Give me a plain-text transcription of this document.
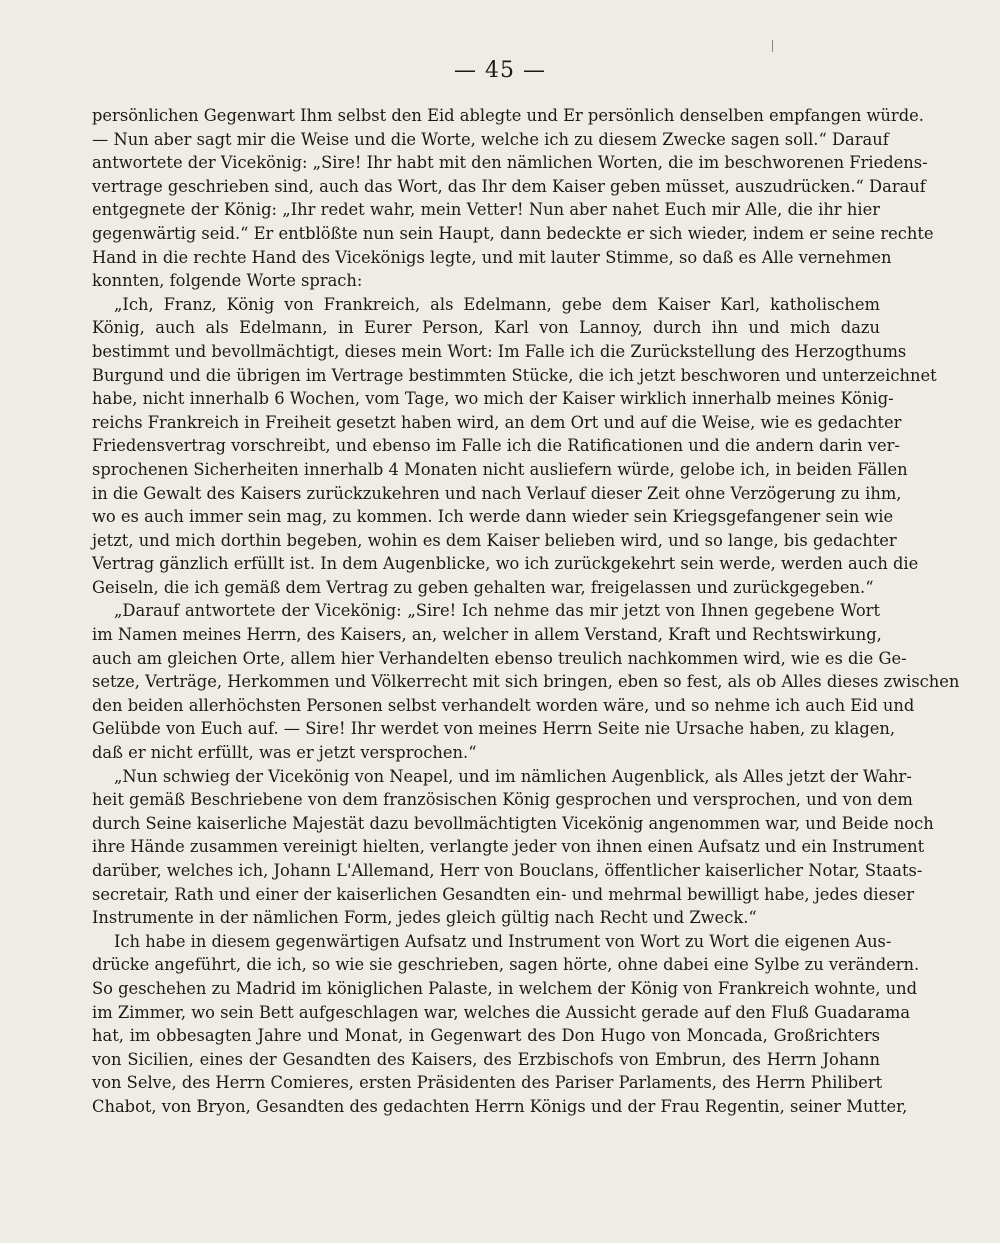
— 45 —
persönlichen Gegenwart Ihm selbst den Eid ablegte und Er persönlich denselben empfangen würde.
— Nun aber sagt mir die Weise und die Worte, welche ich zu diesem Zwecke sagen soll.“ Darauf
antwortete der Vicekönig: „Sire! Ihr habt mit den nämlichen Worten, die im beschworenen Friedens-
vertrage geschrieben sind, auch das Wort, das Ihr dem Kaiser geben müsset, auszudrücken.“ Darauf
entgegnete der König: „Ihr redet wahr, mein Vetter! Nun aber nahet Euch mir Alle, die ihr hier
gegenwärtig seid.“ Er entblößte nun sein Haupt, dann bedeckte er sich wieder, indem er seine rechte
Hand in die rechte Hand des Vicekönigs legte, und mit lauter Stimme, so daß es Alle vernehmen
konnten, folgende Worte sprach:
„Ich, Franz, König von Frankreich, als Edelmann, gebe dem Kaiser Karl, katholischem
König, auch als Edelmann, in Eurer Person, Karl von Lannoy, durch ihn und mich dazu
bestimmt und bevollmächtigt, dieses mein Wort: Im Falle ich die Zurückstellung des Herzogthums
Burgund und die übrigen im Vertrage bestimmten Stücke, die ich jetzt beschworen und unterzeichnet
habe, nicht innerhalb 6 Wochen, vom Tage, wo mich der Kaiser wirklich innerhalb meines König-
reichs Frankreich in Freiheit gesetzt haben wird, an dem Ort und auf die Weise, wie es gedachter
Friedensvertrag vorschreibt, und ebenso im Falle ich die Ratificationen und die andern darin ver-
sprochenen Sicherheiten innerhalb 4 Monaten nicht ausliefern würde, gelobe ich, in beiden Fällen
in die Gewalt des Kaisers zurückzukehren und nach Verlauf dieser Zeit ohne Verzögerung zu ihm,
wo es auch immer sein mag, zu kommen. Ich werde dann wieder sein Kriegsgefangener sein wie
jetzt, und mich dorthin begeben, wohin es dem Kaiser belieben wird, und so lange, bis gedachter
Vertrag gänzlich erfüllt ist. In dem Augenblicke, wo ich zurückgekehrt sein werde, werden auch die
Geiseln, die ich gemäß dem Vertrag zu geben gehalten war, freigelassen und zurückgegeben.“
„Darauf antwortete der Vicekönig: „Sire! Ich nehme das mir jetzt von Ihnen gegebene Wort
im Namen meines Herrn, des Kaisers, an, welcher in allem Verstand, Kraft und Rechtswirkung,
auch am gleichen Orte, allem hier Verhandelten ebenso treulich nachkommen wird, wie es die Ge-
setze, Verträge, Herkommen und Völkerrecht mit sich bringen, eben so fest, als ob Alles dieses zwischen
den beiden allerhöchsten Personen selbst verhandelt worden wäre, und so nehme ich auch Eid und
Gelübde von Euch auf. — Sire! Ihr werdet von meines Herrn Seite nie Ursache haben, zu klagen,
daß er nicht erfüllt, was er jetzt versprochen.“
„Nun schwieg der Vicekönig von Neapel, und im nämlichen Augenblick, als Alles jetzt der Wahr-
heit gemäß Beschriebene von dem französischen König gesprochen und versprochen, und von dem
durch Seine kaiserliche Majestät dazu bevollmächtigten Vicekönig angenommen war, und Beide noch
ihre Hände zusammen vereinigt hielten, verlangte jeder von ihnen einen Aufsatz und ein Instrument
darüber, welches ich, Johann L'Allemand, Herr von Bouclans, öffentlicher kaiserlicher Notar, Staats-
secretair, Rath und einer der kaiserlichen Gesandten ein- und mehrmal bewilligt habe, jedes dieser
Instrumente in der nämlichen Form, jedes gleich gültig nach Recht und Zweck.“
Ich habe in diesem gegenwärtigen Aufsatz und Instrument von Wort zu Wort die eigenen Aus-
drücke angeführt, die ich, so wie sie geschrieben, sagen hörte, ohne dabei eine Sylbe zu verändern.
So geschehen zu Madrid im königlichen Palaste, in welchem der König von Frankreich wohnte, und
im Zimmer, wo sein Bett aufgeschlagen war, welches die Aussicht gerade auf den Fluß Guadarama
hat, im obbesagten Jahre und Monat, in Gegenwart des Don Hugo von Moncada, Großrichters
von Sicilien, eines der Gesandten des Kaisers, des Erzbischofs von Embrun, des Herrn Johann
von Selve, des Herrn Comieres, ersten Präsidenten des Pariser Parlaments, des Herrn Philibert
Chabot, von Bryon, Gesandten des gedachten Herrn Königs und der Frau Regentin, seiner Mutter,
